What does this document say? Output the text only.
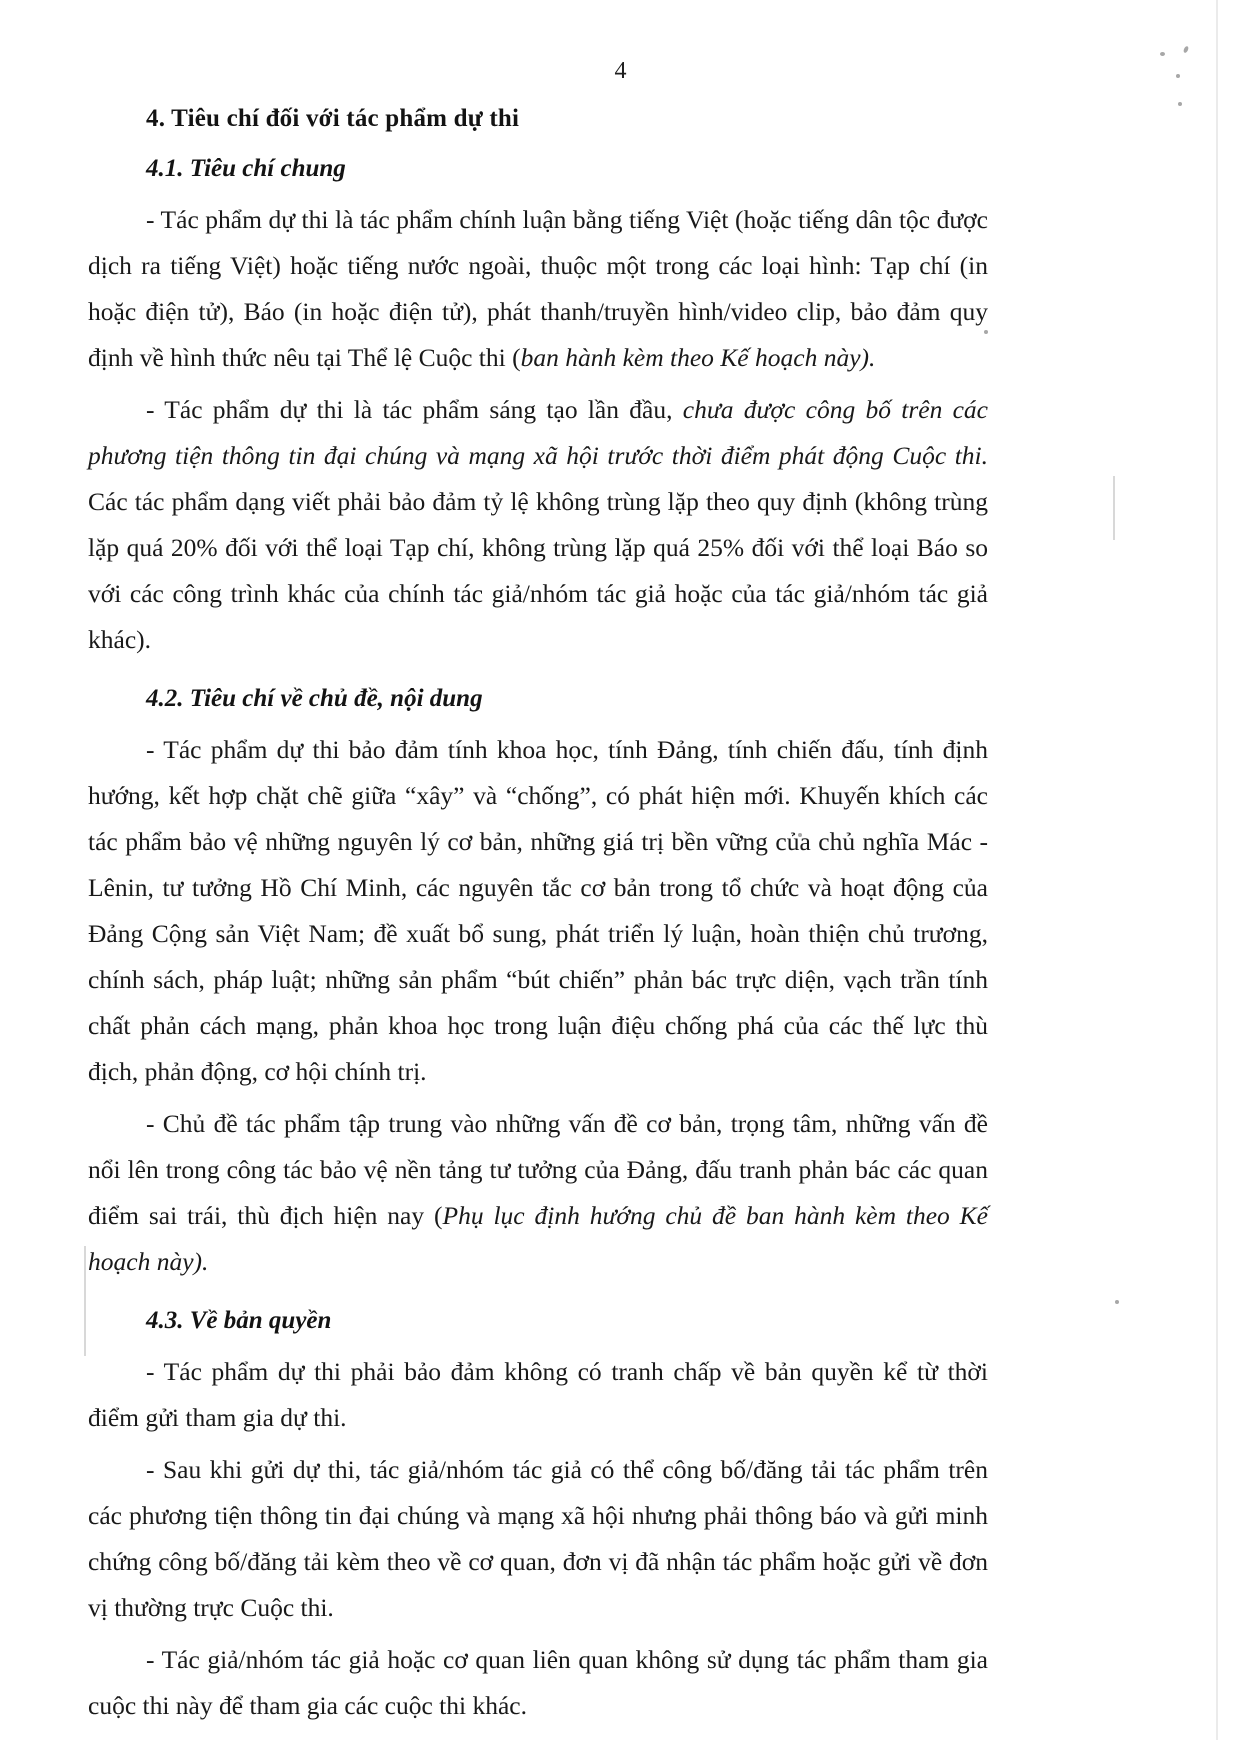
4
4. Tiêu chí đối với tác phẩm dự thi
4.1. Tiêu chí chung

- Tác phẩm dự thi là tác phẩm chính luận bằng tiếng Việt (hoặc tiếng dân tộc được dịch ra tiếng Việt) hoặc tiếng nước ngoài, thuộc một trong các loại hình: Tạp chí (in hoặc điện tử), Báo (in hoặc điện tử), phát thanh/truyền hình/video clip, bảo đảm quy định về hình thức nêu tại Thể lệ Cuộc thi (ban hành kèm theo Kế hoạch này).

- Tác phẩm dự thi là tác phẩm sáng tạo lần đầu, chưa được công bố trên các phương tiện thông tin đại chúng và mạng xã hội trước thời điểm phát động Cuộc thi. Các tác phẩm dạng viết phải bảo đảm tỷ lệ không trùng lặp theo quy định (không trùng lặp quá 20% đối với thể loại Tạp chí, không trùng lặp quá 25% đối với thể loại Báo so với các công trình khác của chính tác giả/nhóm tác giả hoặc của tác giả/nhóm tác giả khác).

4.2. Tiêu chí về chủ đề, nội dung

- Tác phẩm dự thi bảo đảm tính khoa học, tính Đảng, tính chiến đấu, tính định hướng, kết hợp chặt chẽ giữa “xây” và “chống”, có phát hiện mới. Khuyến khích các tác phẩm bảo vệ những nguyên lý cơ bản, những giá trị bền vững của chủ nghĩa Mác - Lênin, tư tưởng Hồ Chí Minh, các nguyên tắc cơ bản trong tổ chức và hoạt động của Đảng Cộng sản Việt Nam; đề xuất bổ sung, phát triển lý luận, hoàn thiện chủ trương, chính sách, pháp luật; những sản phẩm “bút chiến” phản bác trực diện, vạch trần tính chất phản cách mạng, phản khoa học trong luận điệu chống phá của các thế lực thù địch, phản động, cơ hội chính trị.

- Chủ đề tác phẩm tập trung vào những vấn đề cơ bản, trọng tâm, những vấn đề nổi lên trong công tác bảo vệ nền tảng tư tưởng của Đảng, đấu tranh phản bác các quan điểm sai trái, thù địch hiện nay (Phụ lục định hướng chủ đề ban hành kèm theo Kế hoạch này).

4.3. Về bản quyền

- Tác phẩm dự thi phải bảo đảm không có tranh chấp về bản quyền kể từ thời điểm gửi tham gia dự thi.

- Sau khi gửi dự thi, tác giả/nhóm tác giả có thể công bố/đăng tải tác phẩm trên các phương tiện thông tin đại chúng và mạng xã hội nhưng phải thông báo và gửi minh chứng công bố/đăng tải kèm theo về cơ quan, đơn vị đã nhận tác phẩm hoặc gửi về đơn vị thường trực Cuộc thi.

- Tác giả/nhóm tác giả hoặc cơ quan liên quan không sử dụng tác phẩm tham gia cuộc thi này để tham gia các cuộc thi khác.
